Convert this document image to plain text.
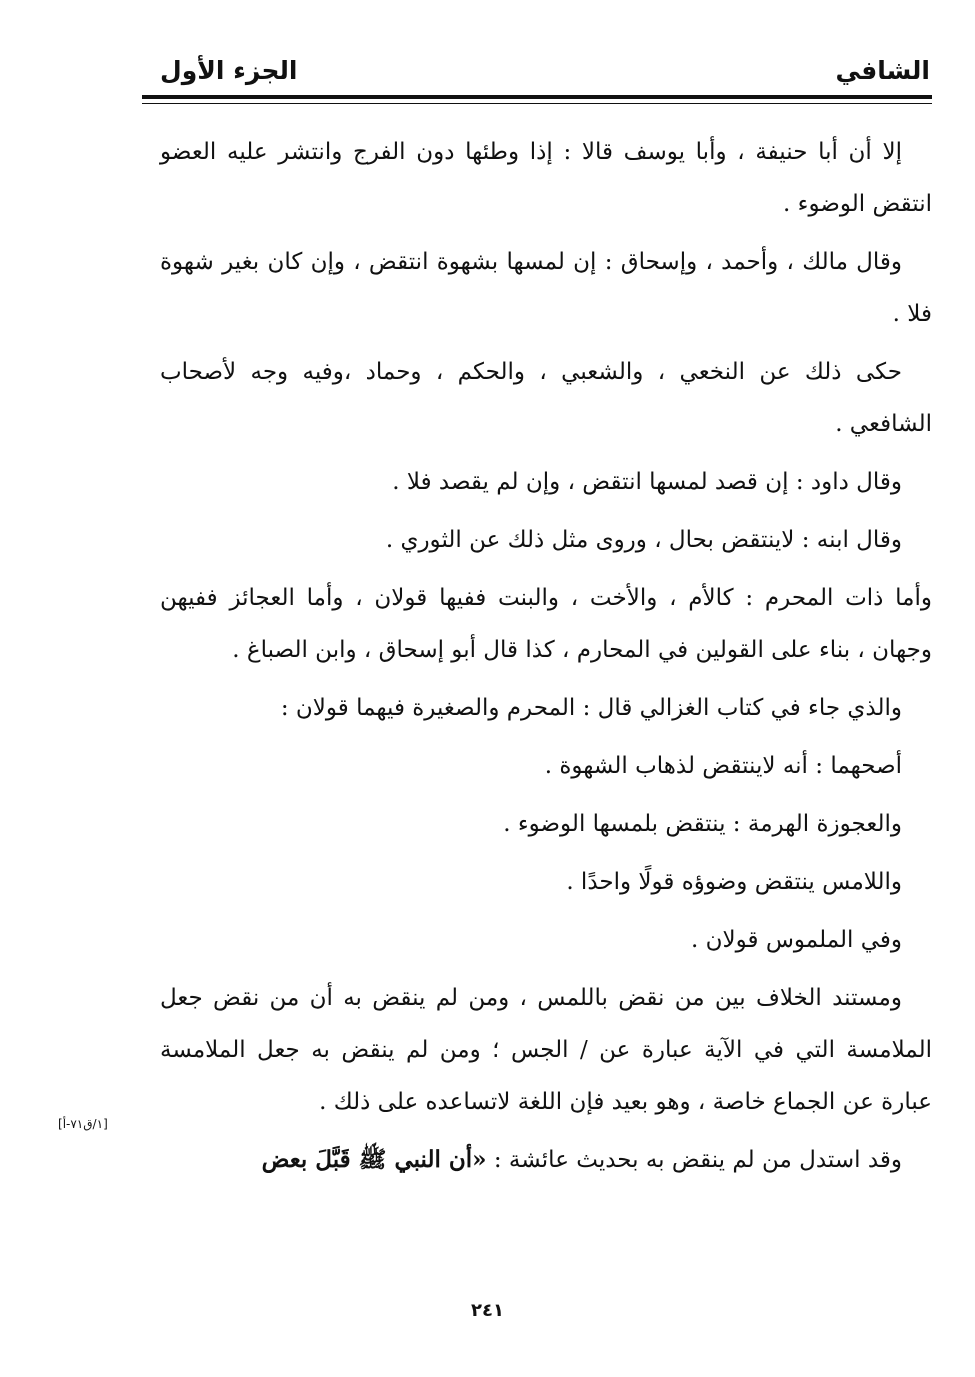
الشافي
الجزء الأول

إلا أن أبا حنيفة ، وأبا يوسف قالا : إذا وطئها دون الفرج وانتشر عليه العضو انتقض الوضوء .

وقال مالك ، وأحمد ، وإسحاق : إن لمسها بشهوة انتقض ، وإن كان بغير شهوة فلا .

حكى ذلك عن النخعي ، والشعبي ، والحكم ، وحماد ،وفيه وجه لأصحاب الشافعي .

وقال داود : إن قصد لمسها انتقض ، وإن لم يقصد فلا .

وقال ابنه : لاينتقض بحال ، وروى مثل ذلك عن الثوري .

وأما ذات المحرم : كالأم ، والأخت ، والبنت ففيها قولان ، وأما العجائز ففيهن وجهان ، بناء على القولين في المحارم ، كذا قال أبو إسحاق ، وابن الصباغ .

والذي جاء في كتاب الغزالي قال : المحرم والصغيرة فيهما قولان :

أصحهما : أنه لاينتقض لذهاب الشهوة .

والعجوزة الهرمة : ينتقض بلمسها الوضوء .

واللامس ينتقض وضوؤه قولًا واحدًا .

وفي الملموس قولان .

ومستند الخلاف بين من نقض باللمس ، ومن لم ينقض به أن من نقض جعل الملامسة التي في الآية عبارة عن / الجس ؛ ومن لم ينقض به جعل الملامسة عبارة عن الجماع خاصة ، وهو بعيد فإن اللغة لاتساعده على ذلك .

وقد استدل من لم ينقض به بحديث عائشة : «أن النبي ﷺ قَبَّلَ بعض

[١/ق٧١-أ]
٢٤١
